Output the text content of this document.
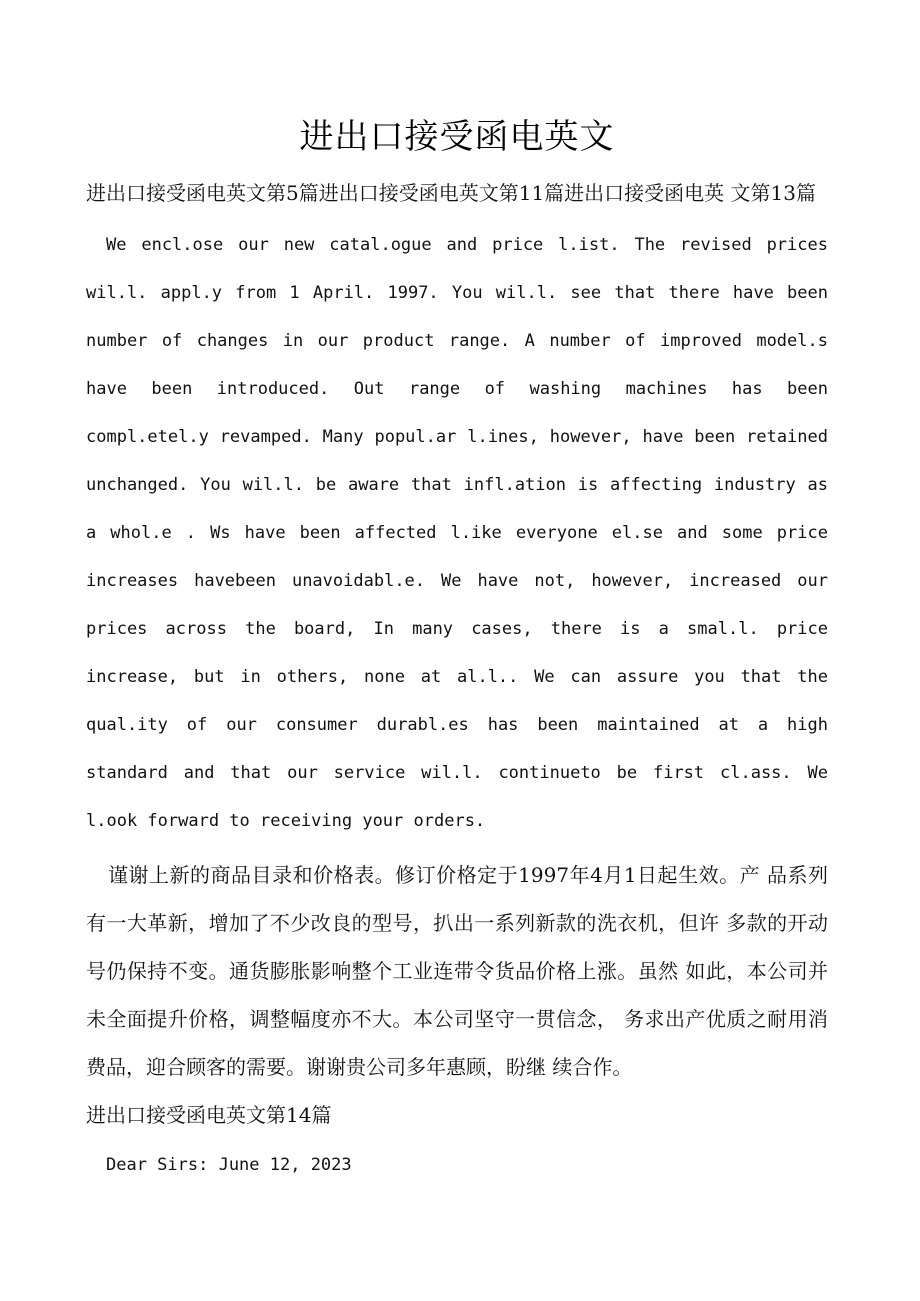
进出口接受函电英文

进出口接受函电英文第5篇进出口接受函电英文第11篇进出口接受函电英 文第13篇

We encl.ose our new catal.ogue and price l.ist. The revised prices wil.l. appl.y from 1 April. 1997. You wil.l. see that there have been number of changes in our product range. A number of improved model.s have been introduced. Out range of washing machines has been compl.etel.y revamped. Many popul.ar l.ines, however, have been retained unchanged. You wil.l. be aware that infl.ation is affecting industry as a whol.e . Ws have been affected l.ike everyone el.se and some price increases havebeen unavoidabl.e. We have not, however, increased our prices across the board, In many cases, there is a smal.l. price increase, but in others, none at al.l.. We can assure you that the qual.ity of our consumer durabl.es has been maintained at a high standard and that our service wil.l. continueto be first cl.ass. We l.ook forward to receiving your orders.

谨谢上新的商品目录和价格表。修订价格定于1997年4月1日起生效。产 品系列有一大革新，增加了不少改良的型号，扒出一系列新款的洗衣机，但许 多款的开动号仍保持不变。通货膨胀影响整个工业连带令货品价格上涨。虽然 如此，本公司并未全面提升价格，调整幅度亦不大。本公司坚守一贯信念， 务求出产优质之耐用消费品，迎合顾客的需要。谢谢贵公司多年惠顾，盼继 续合作。

进出口接受函电英文第14篇

Dear Sirs: June 12, 2023
